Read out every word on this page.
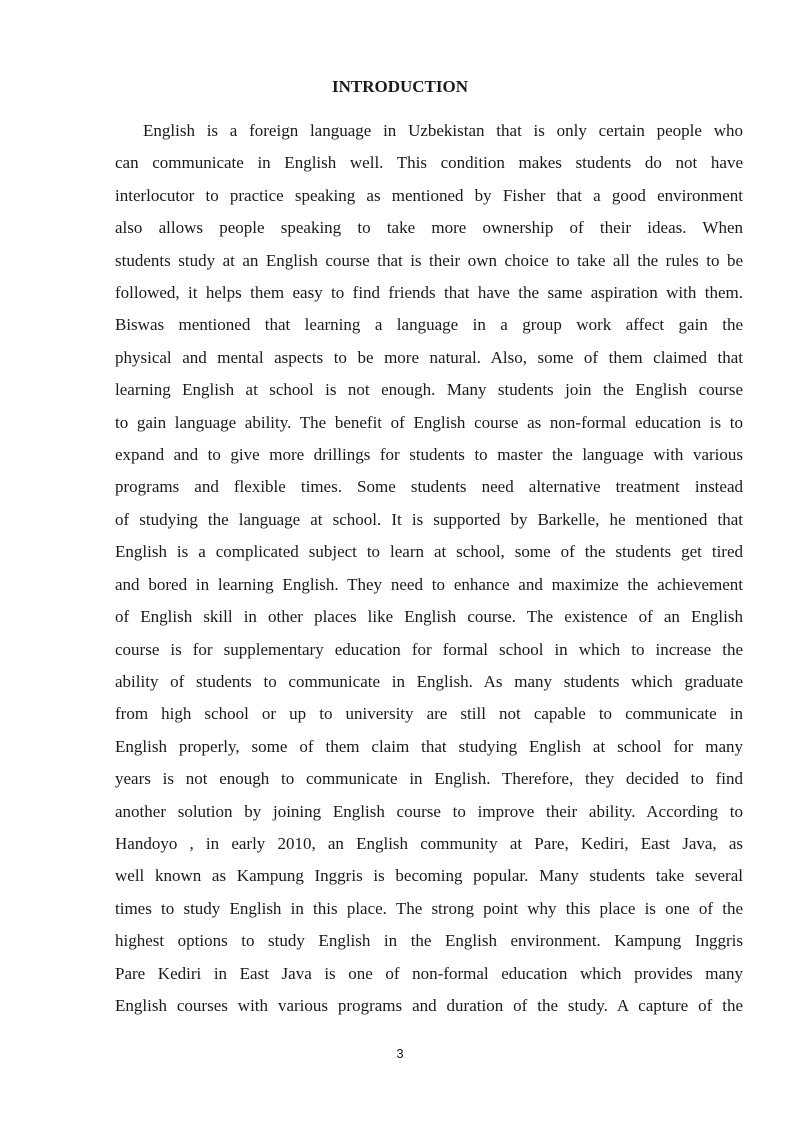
INTRODUCTION
English is a foreign language in Uzbekistan that is only certain people who
can communicate in English well. This condition makes students do not have
interlocutor to practice speaking as mentioned by Fisher that a good environment
also allows people speaking to take more ownership of their ideas. When
students study at an English course that is their own choice to take all the rules to be
followed, it helps them easy to find friends that have the same aspiration with them.
Biswas mentioned that learning a language in a group work affect gain the
physical and mental aspects to be more natural. Also, some of them claimed that
learning English at school is not enough. Many students join the English course
to gain language ability. The benefit of English course as non-formal education is to
expand and to give more drillings for students to master the language with various
programs and flexible times. Some students need alternative treatment instead
of studying the language at school. It is supported by Barkelle, he mentioned that
English is a complicated subject to learn at school, some of the students get tired
and bored in learning English. They need to enhance and maximize the achievement
of English skill in other places like English course. The existence of an English
course is for supplementary education for formal school in which to increase the
ability of students to communicate in English. As many students which graduate
from high school or up to university are still not capable to communicate in
English properly, some of them claim that studying English at school for many
years is not enough to communicate in English. Therefore, they decided to find
another solution by joining English course to improve their ability. According to
Handoyo , in early 2010, an English community at Pare, Kediri, East Java, as
well known as Kampung Inggris is becoming popular. Many students take several
times to study English in this place. The strong point why this place is one of the
highest options to study English in the English environment. Kampung Inggris
Pare Kediri in East Java is one of non-formal education which provides many
English courses with various programs and duration of the study. A capture of the
3
